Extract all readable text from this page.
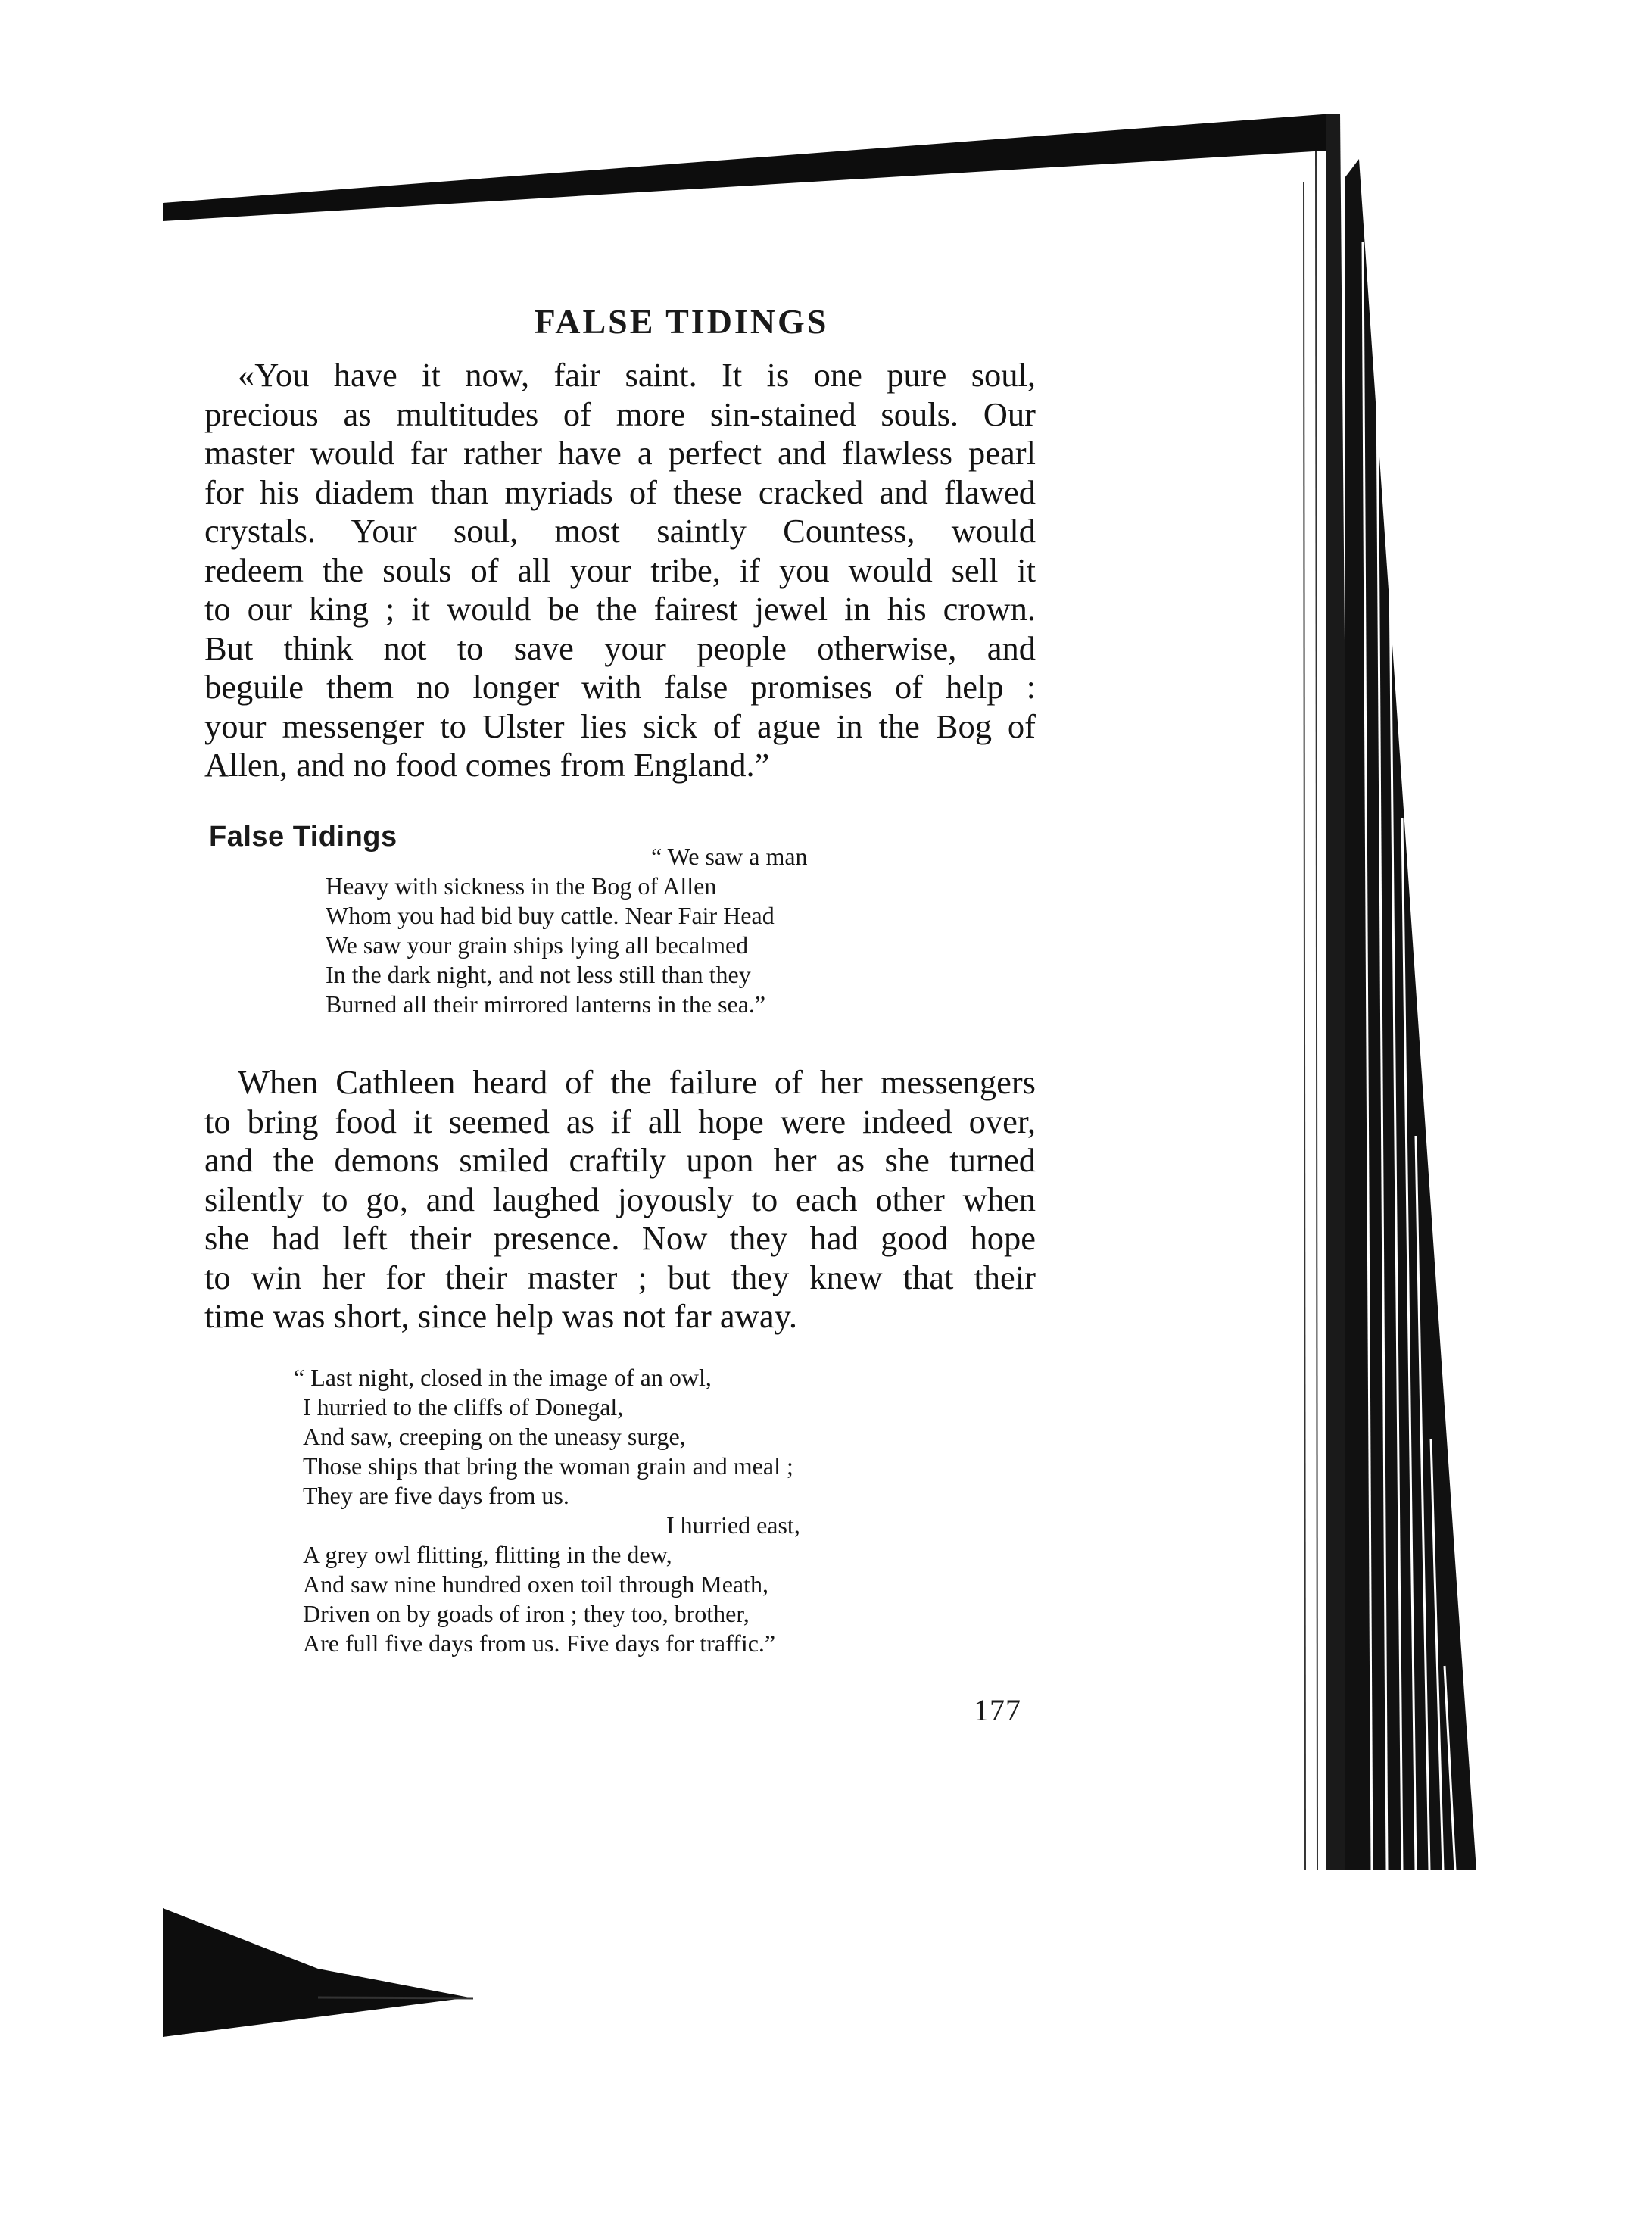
FALSE TIDINGS
«You have it now, fair saint. It is one pure soul,
precious as multitudes of more sin-stained souls. Our
master would far rather have a perfect and flawless pearl
for his diadem than myriads of these cracked and flawed
crystals. Your soul, most saintly Countess, would
redeem the souls of all your tribe, if you would sell it
to our king ; it would be the fairest jewel in his crown.
But think not to save your people otherwise, and
beguile them no longer with false promises of help :
your messenger to Ulster lies sick of ague in the Bog of
Allen, and no food comes from England.”
False Tidings
“ We saw a man
Heavy with sickness in the Bog of Allen
Whom you had bid buy cattle. Near Fair Head
We saw your grain ships lying all becalmed
In the dark night, and not less still than they
Burned all their mirrored lanterns in the sea.”
When Cathleen heard of the failure of her messengers
to bring food it seemed as if all hope were indeed over,
and the demons smiled craftily upon her as she turned
silently to go, and laughed joyously to each other when
she had left their presence. Now they had good hope
to win her for their master ; but they knew that their
time was short, since help was not far away.
“ Last night, closed in the image of an owl,
I hurried to the cliffs of Donegal,
And saw, creeping on the uneasy surge,
Those ships that bring the woman grain and meal ;
They are five days from us.
I hurried east,
A grey owl flitting, flitting in the dew,
And saw nine hundred oxen toil through Meath,
Driven on by goads of iron ; they too, brother,
Are full five days from us. Five days for traffic.”
177
